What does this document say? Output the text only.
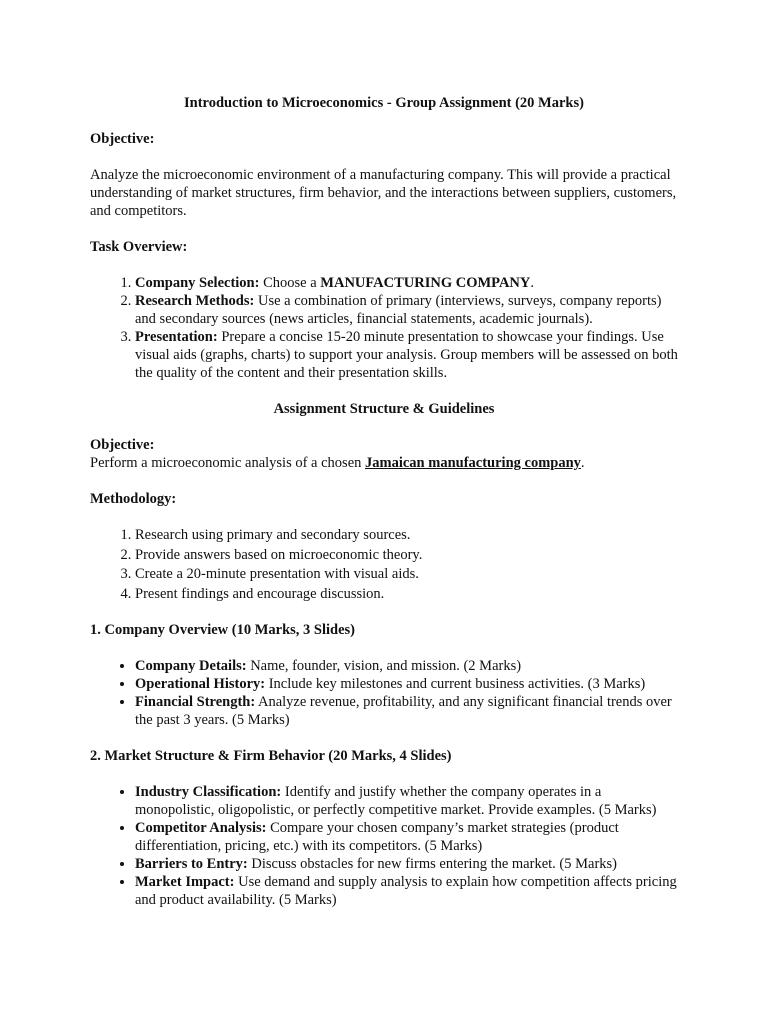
Introduction to Microeconomics - Group Assignment (20 Marks)
Objective:

Analyze the microeconomic environment of a manufacturing company. This will provide a practical understanding of market structures, firm behavior, and the interactions between suppliers, customers, and competitors.

Task Overview:
1. Company Selection: Choose a MANUFACTURING COMPANY.
2. Research Methods: Use a combination of primary (interviews, surveys, company reports) and secondary sources (news articles, financial statements, academic journals).
3. Presentation: Prepare a concise 15-20 minute presentation to showcase your findings. Use visual aids (graphs, charts) to support your analysis. Group members will be assessed on both the quality of the content and their presentation skills.
Assignment Structure & Guidelines
Objective:

Perform a microeconomic analysis of a chosen Jamaican manufacturing company.

Methodology:
1. Research using primary and secondary sources.
2. Provide answers based on microeconomic theory.
3. Create a 20-minute presentation with visual aids.
4. Present findings and encourage discussion.
1. Company Overview (10 Marks, 3 Slides)
• Company Details: Name, founder, vision, and mission. (2 Marks)
• Operational History: Include key milestones and current business activities. (3 Marks)
• Financial Strength: Analyze revenue, profitability, and any significant financial trends over the past 3 years. (5 Marks)
2. Market Structure & Firm Behavior (20 Marks, 4 Slides)
• Industry Classification: Identify and justify whether the company operates in a monopolistic, oligopolistic, or perfectly competitive market. Provide examples. (5 Marks)
• Competitor Analysis: Compare your chosen company’s market strategies (product differentiation, pricing, etc.) with its competitors. (5 Marks)
• Barriers to Entry: Discuss obstacles for new firms entering the market. (5 Marks)
• Market Impact: Use demand and supply analysis to explain how competition affects pricing and product availability. (5 Marks)
